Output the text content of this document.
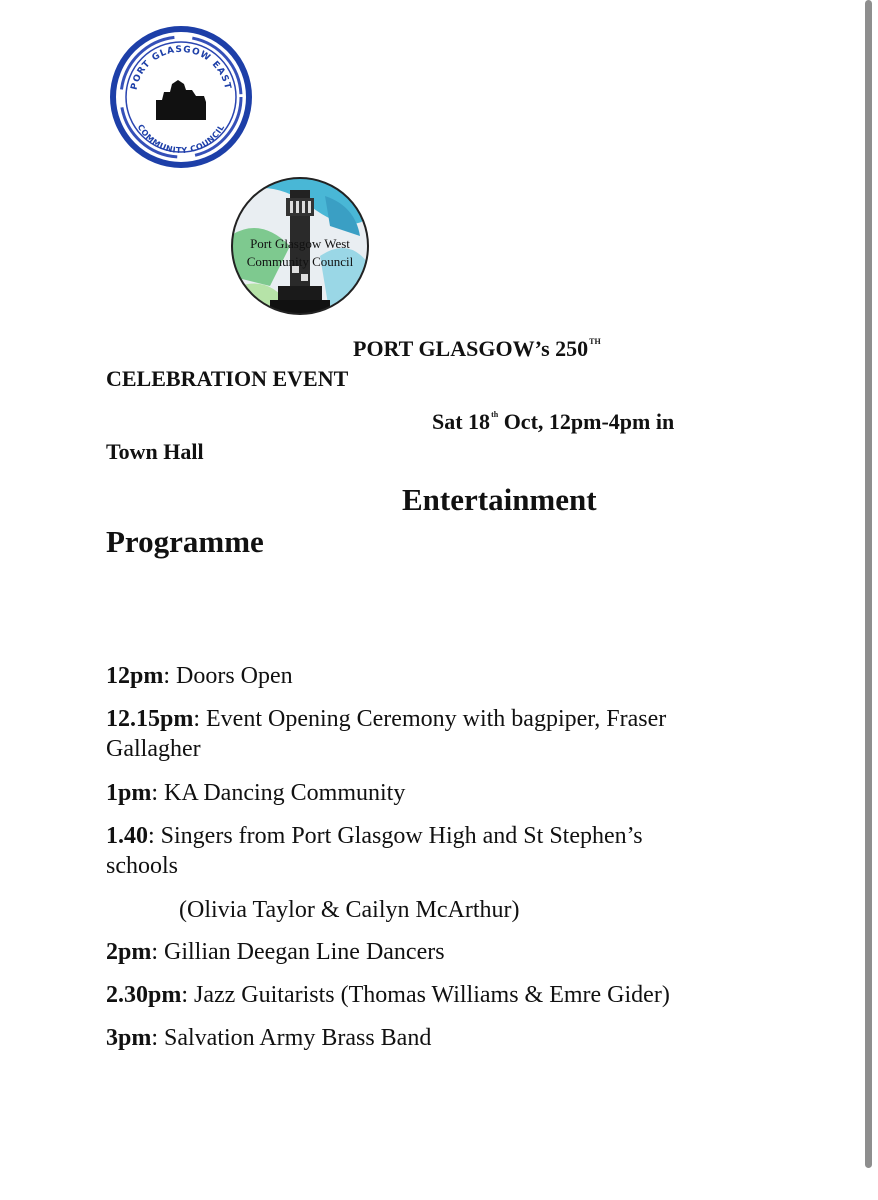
PORT GLASGOW EAST
COMMUNITY COUNCIL
Port Glasgow West
Community Council
PORT GLASGOW’s 250TH
CELEBRATION EVENT
Sat 18th Oct, 12pm-4pm in
Town Hall
Entertainment
Programme
12pm: Doors Open
12.15pm: Event Opening Ceremony with bagpiper, Fraser Gallagher
1pm: KA Dancing Community
1.40: Singers from Port Glasgow High and St Stephen’s schools
(Olivia Taylor & Cailyn McArthur)
2pm: Gillian Deegan Line Dancers
2.30pm: Jazz Guitarists (Thomas Williams & Emre Gider)
3pm: Salvation Army Brass Band
